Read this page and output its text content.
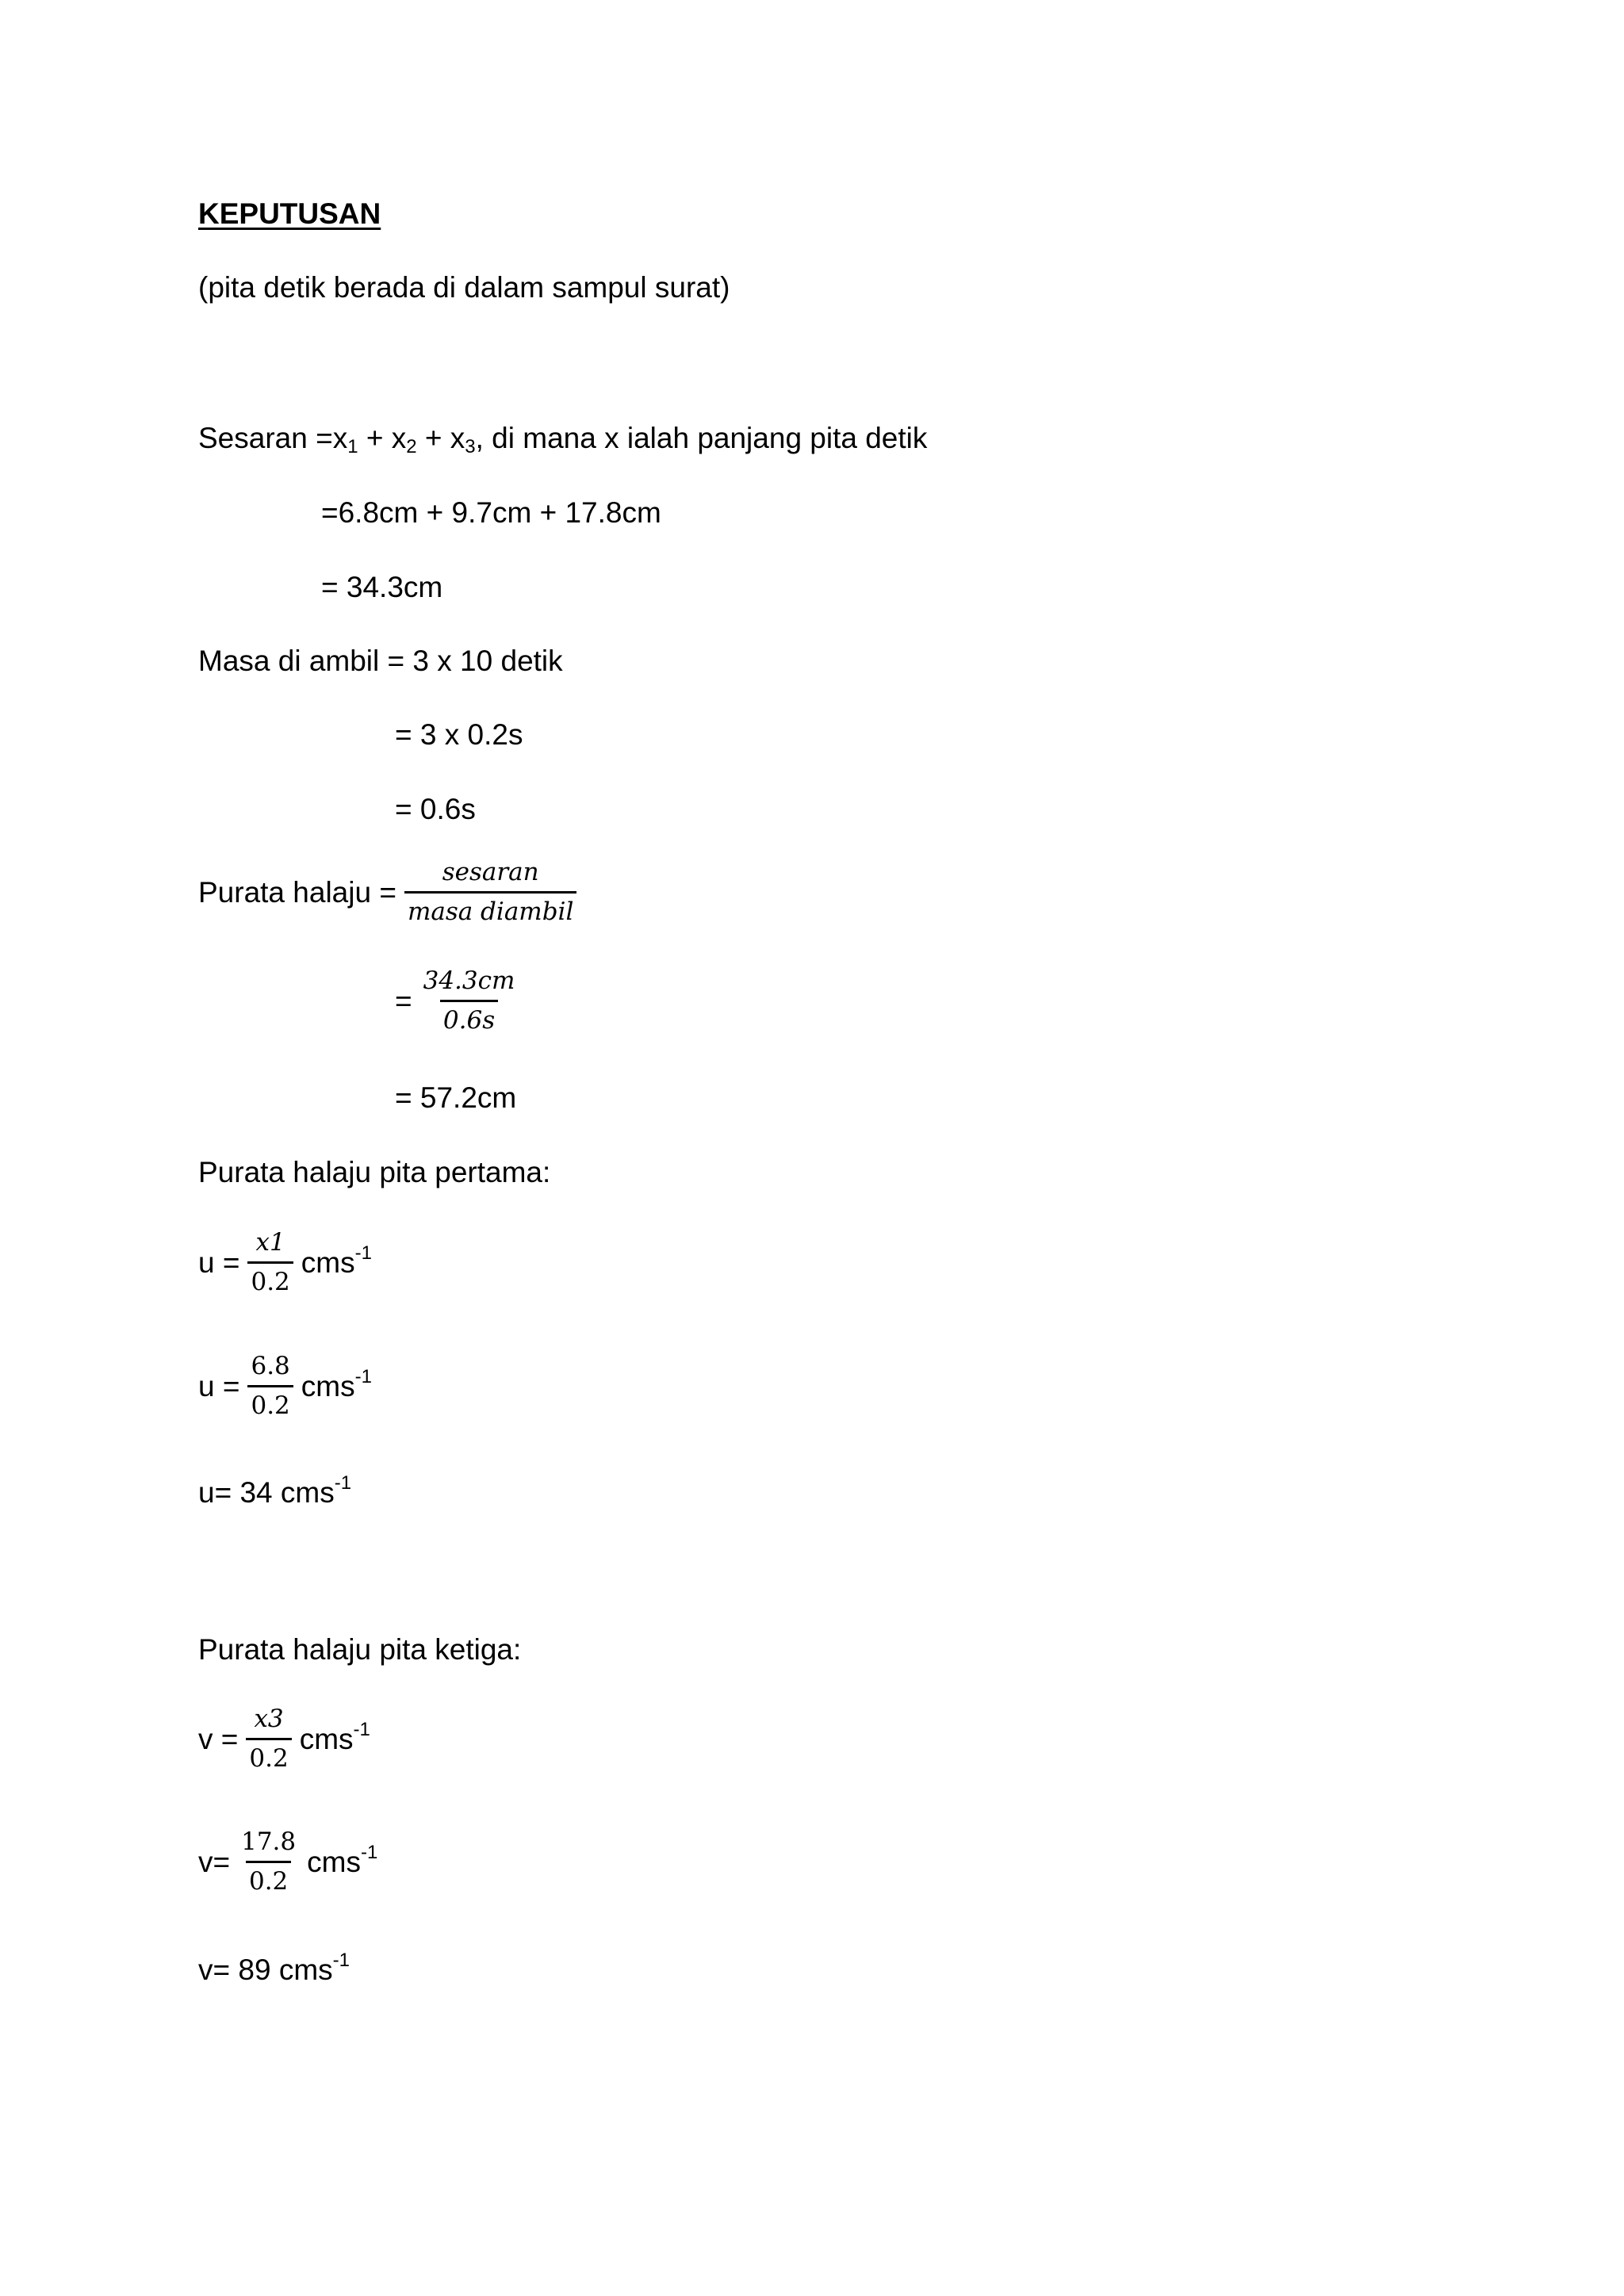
KEPUTUSAN
(pita detik berada di dalam sampul surat)
Sesaran $=x_1 + x_2 + x_3$, di mana x ialah panjang pita detik
=6.8cm + 9.7cm + 17.8cm
= 34.3cm
Masa di ambil = 3 x 10 detik
= 3 x 0.2s
= 0.6s
Purata halaju = $\frac{\text{sesaran}}{\text{masa diambil}}$
= $\frac{34.3cm}{0.6s}$
= 57.2cm
Purata halaju pita pertama:
$u = \frac{x1}{0.2} cms^{-1}$
$u = \frac{6.8}{0.2} cms^{-1}$
u= 34 cms$^{-1}$
Purata halaju pita ketiga:
$v = \frac{x3}{0.2} cms^{-1}$
$v= \frac{17.8}{0.2} cms^{-1}$
v= 89 cms$^{-1}$
